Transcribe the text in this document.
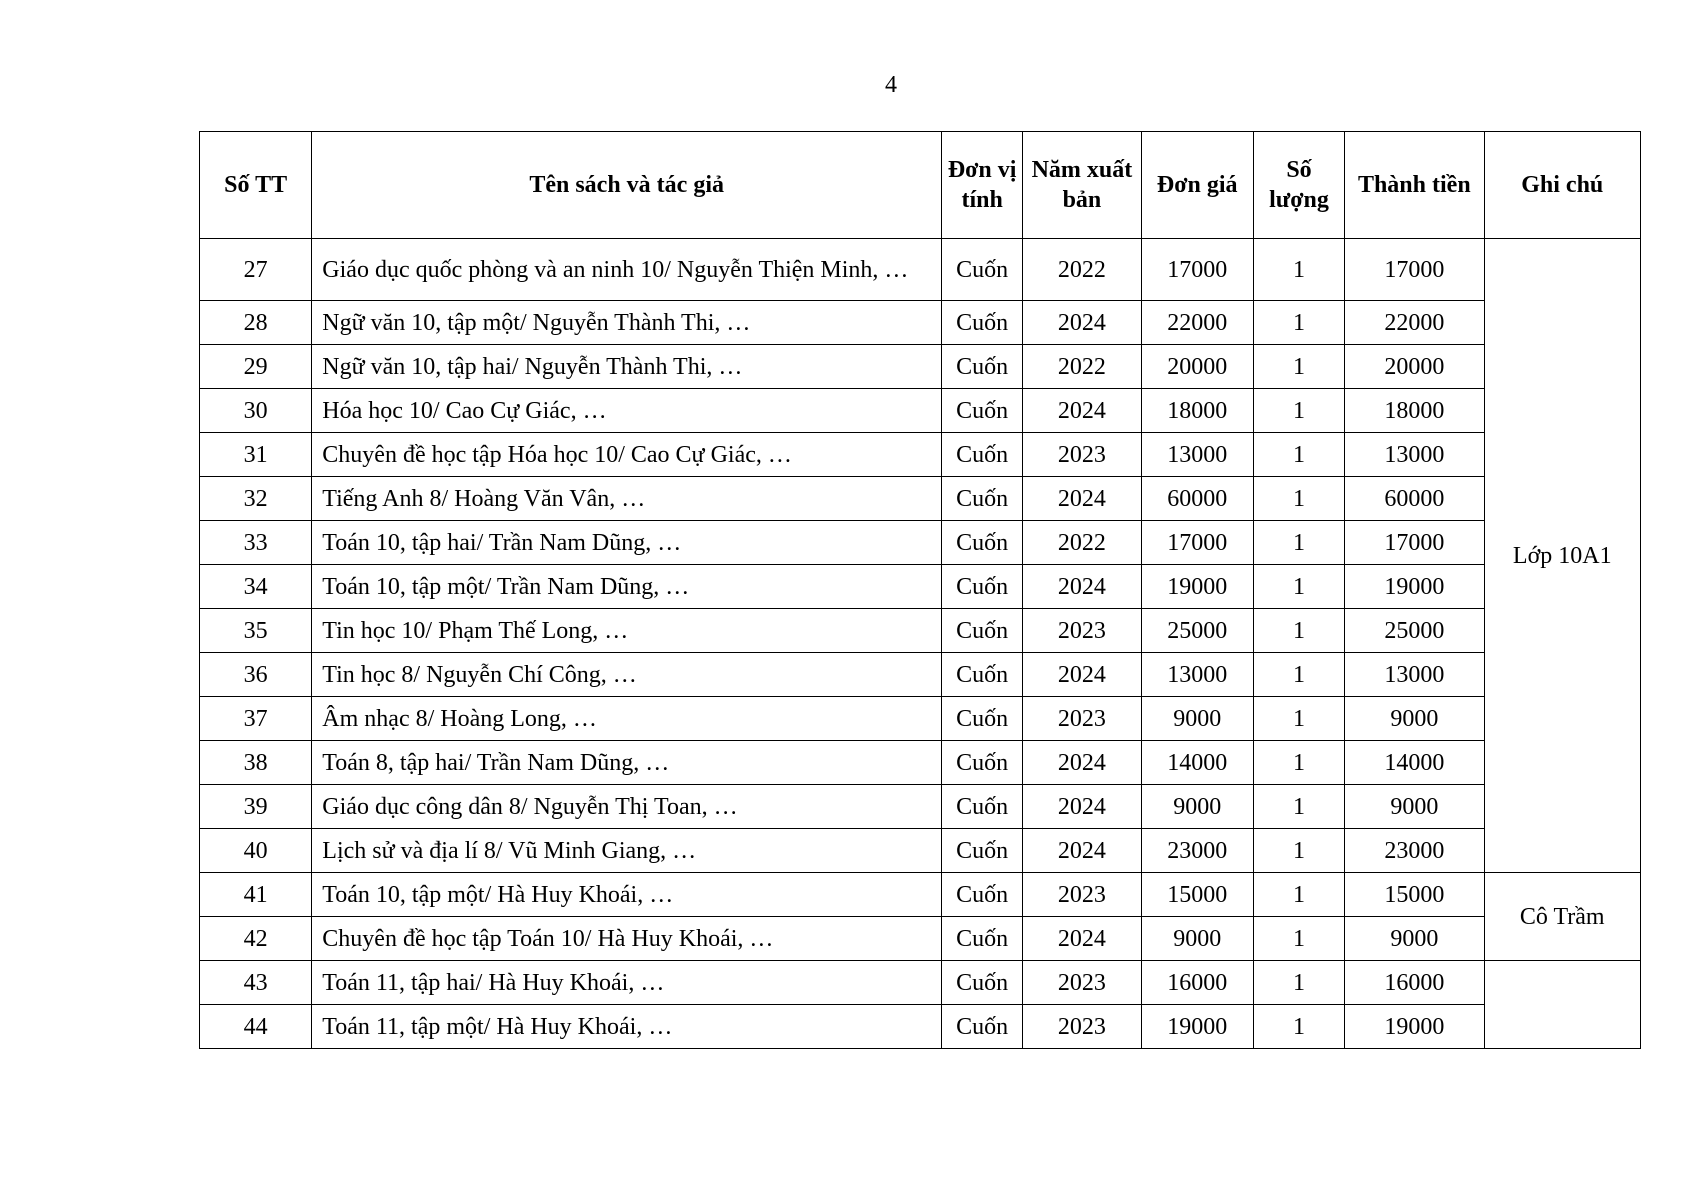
4
Số TT	Tên sách và tác giả	Đơn vị tính	Năm xuất bản	Đơn giá	Số lượng	Thành tiền	Ghi chú
27	Giáo dục quốc phòng và an ninh 10/ Nguyễn Thiện Minh, …	Cuốn	2022	17000	1	17000	Lớp 10A1
28	Ngữ văn 10, tập một/ Nguyễn Thành Thi, …	Cuốn	2024	22000	1	22000	
29	Ngữ văn 10, tập hai/ Nguyễn Thành Thi, …	Cuốn	2022	20000	1	20000	
30	Hóa học 10/ Cao Cự Giác, …	Cuốn	2024	18000	1	18000	
31	Chuyên đề học tập Hóa học 10/ Cao Cự Giác, …	Cuốn	2023	13000	1	13000	
32	Tiếng Anh 8/ Hoàng Văn Vân, …	Cuốn	2024	60000	1	60000	
33	Toán 10, tập hai/ Trần Nam Dũng, …	Cuốn	2022	17000	1	17000	
34	Toán 10, tập một/ Trần Nam Dũng, …	Cuốn	2024	19000	1	19000	
35	Tin học 10/ Phạm Thế Long, …	Cuốn	2023	25000	1	25000	
36	Tin học 8/ Nguyễn Chí Công, …	Cuốn	2024	13000	1	13000	
37	Âm nhạc 8/ Hoàng Long, …	Cuốn	2023	9000	1	9000	
38	Toán 8, tập hai/ Trần Nam Dũng, …	Cuốn	2024	14000	1	14000	
39	Giáo dục công dân 8/ Nguyễn Thị Toan, …	Cuốn	2024	9000	1	9000	
40	Lịch sử và địa lí 8/ Vũ Minh Giang, …	Cuốn	2024	23000	1	23000	
41	Toán 10, tập một/ Hà Huy Khoái, …	Cuốn	2023	15000	1	15000	Cô Trầm
42	Chuyên đề học tập Toán 10/ Hà Huy Khoái, …	Cuốn	2024	9000	1	9000	
43	Toán 11, tập hai/ Hà Huy Khoái, …	Cuốn	2023	16000	1	16000	
44	Toán 11, tập một/ Hà Huy Khoái, …	Cuốn	2023	19000	1	19000	
